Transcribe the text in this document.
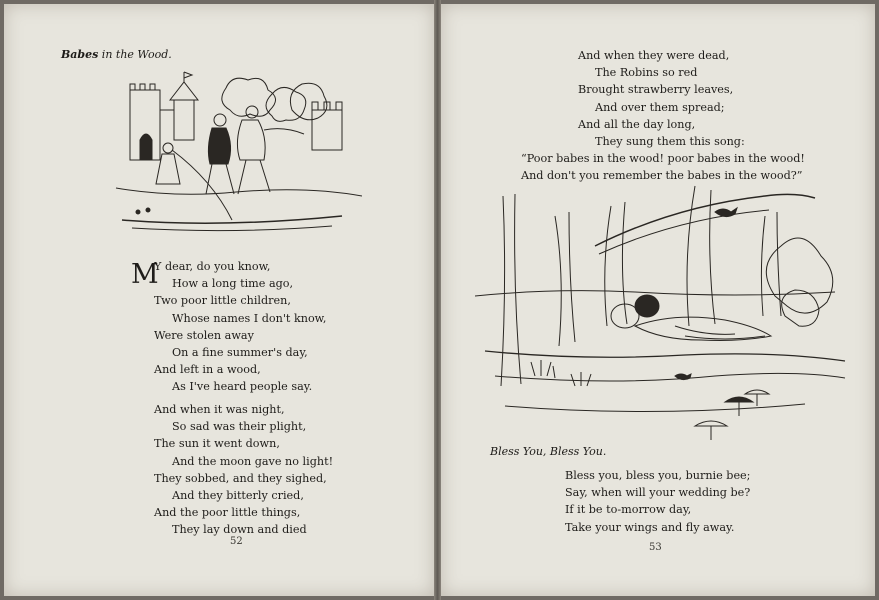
Babes in the Wood.
M
Y dear, do you know,
How a long time ago,
Two poor little children,
Whose names I don't know,
Were stolen away
On a fine summer's day,
And left in a wood,
As I've heard people say.
And when it was night,
So sad was their plight,
The sun it went down,
And the moon gave no light!
They sobbed, and they sighed,
And they bitterly cried,
And the poor little things,
They lay down and died
52
And when they were dead,
The Robins so red
Brought strawberry leaves,
And over them spread;
And all the day long,
They sung them this song:
“Poor babes in the wood! poor babes in the wood!
And don't you remember the babes in the wood?”
Bless You, Bless You.
Bless you, bless you, burnie bee;
Say, when will your wedding be?
If it be to-morrow day,
Take your wings and fly away.
53
